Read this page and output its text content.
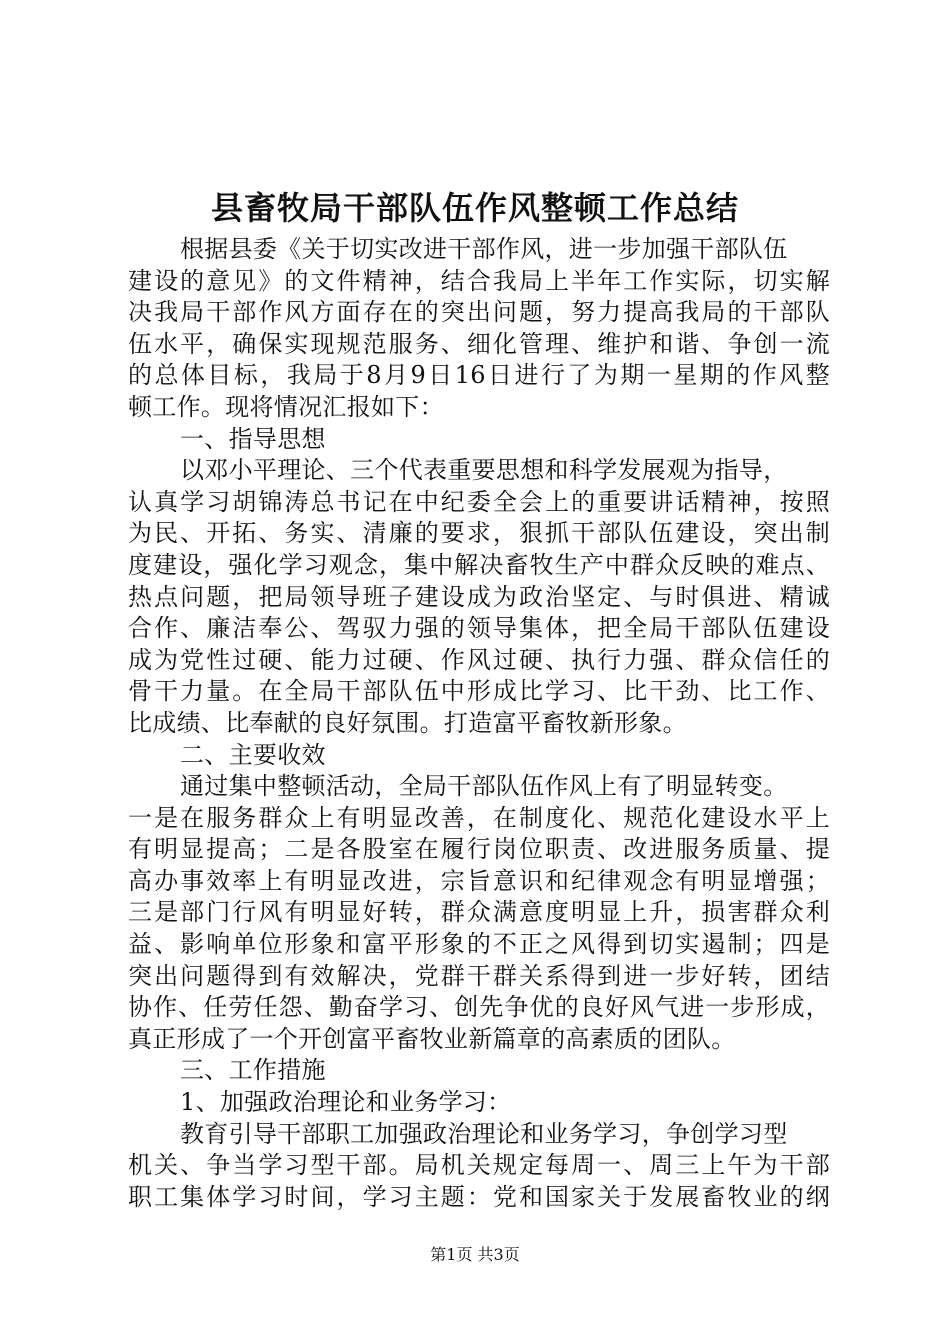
县畜牧局干部队伍作风整顿工作总结
根据县委《关于切实改进干部作风，进一步加强干部队伍
建设的意见》的文件精神，结合我局上半年工作实际，切实解
决我局干部作风方面存在的突出问题，努力提高我局的干部队
伍水平，确保实现规范服务、细化管理、维护和谐、争创一流
的总体目标，我局于8月9日16日进行了为期一星期的作风整
顿工作。现将情况汇报如下：
一、指导思想
以邓小平理论、三个代表重要思想和科学发展观为指导，
认真学习胡锦涛总书记在中纪委全会上的重要讲话精神，按照
为民、开拓、务实、清廉的要求，狠抓干部队伍建设，突出制
度建设，强化学习观念，集中解决畜牧生产中群众反映的难点、
热点问题，把局领导班子建设成为政治坚定、与时俱进、精诚
合作、廉洁奉公、驾驭力强的领导集体，把全局干部队伍建设
成为党性过硬、能力过硬、作风过硬、执行力强、群众信任的
骨干力量。在全局干部队伍中形成比学习、比干劲、比工作、
比成绩、比奉献的良好氛围。打造富平畜牧新形象。
二、主要收效
通过集中整顿活动，全局干部队伍作风上有了明显转变。
一是在服务群众上有明显改善，在制度化、规范化建设水平上
有明显提高；二是各股室在履行岗位职责、改进服务质量、提
高办事效率上有明显改进，宗旨意识和纪律观念有明显增强；
三是部门行风有明显好转，群众满意度明显上升，损害群众利
益、影响单位形象和富平形象的不正之风得到切实遏制；四是
突出问题得到有效解决，党群干群关系得到进一步好转，团结
协作、任劳任怨、勤奋学习、创先争优的良好风气进一步形成，
真正形成了一个开创富平畜牧业新篇章的高素质的团队。
三、工作措施
1、加强政治理论和业务学习：
教育引导干部职工加强政治理论和业务学习，争创学习型
机关、争当学习型干部。局机关规定每周一、周三上午为干部
职工集体学习时间，学习主题：党和国家关于发展畜牧业的纲
第1页 共3页
